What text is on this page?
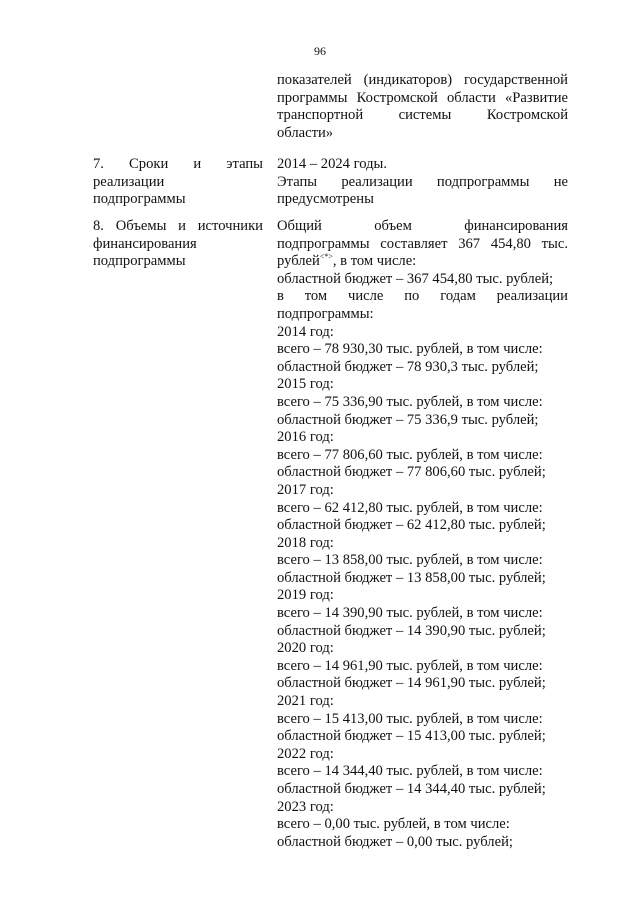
96
показателей (индикаторов) государственной
программы Костромской области «Развитие
транспортной системы Костромской
области»
7. Сроки и этапы
реализации
подпрограммы
2014 – 2024 годы.
Этапы реализации подпрограммы не
предусмотрены
8. Объемы и источники
финансирования
подпрограммы
Общий объем финансирования
подпрограммы составляет 367 454,80 тыс.
рублей<*>, в том числе:
областной бюджет – 367 454,80 тыс. рублей;
в том числе по годам реализации
подпрограммы:
2014 год:
всего – 78 930,30 тыс. рублей, в том числе:
областной бюджет – 78 930,3 тыс. рублей;
2015 год:
всего – 75 336,90 тыс. рублей, в том числе:
областной бюджет – 75 336,9 тыс. рублей;
2016 год:
всего – 77 806,60 тыс. рублей, в том числе:
областной бюджет – 77 806,60 тыс. рублей;
2017 год:
всего – 62 412,80 тыс. рублей, в том числе:
областной бюджет – 62 412,80 тыс. рублей;
2018 год:
всего – 13 858,00 тыс. рублей, в том числе:
областной бюджет – 13 858,00 тыс. рублей;
2019 год:
всего – 14 390,90 тыс. рублей, в том числе:
областной бюджет – 14 390,90 тыс. рублей;
2020 год:
всего – 14 961,90 тыс. рублей, в том числе:
областной бюджет – 14 961,90 тыс. рублей;
2021 год:
всего – 15 413,00 тыс. рублей, в том числе:
областной бюджет – 15 413,00 тыс. рублей;
2022 год:
всего – 14 344,40 тыс. рублей, в том числе:
областной бюджет – 14 344,40 тыс. рублей;
2023 год:
всего – 0,00 тыс. рублей, в том числе:
областной бюджет – 0,00 тыс. рублей;
